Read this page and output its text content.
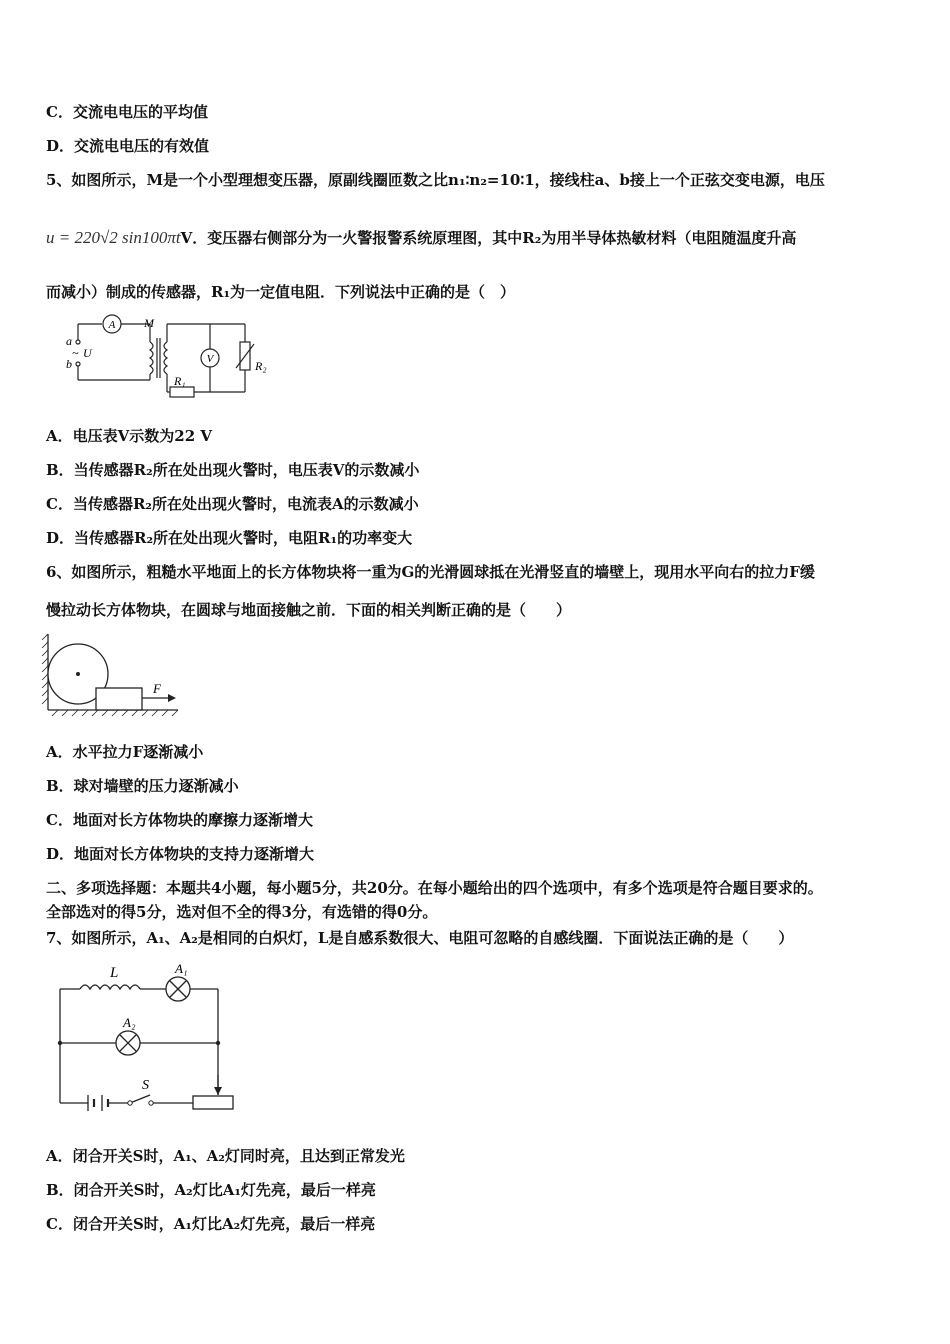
C．交流电电压的平均值
D．交流电电压的有效值
5、如图所示，M是一个小型理想变压器，原副线圈匝数之比n₁∶n₂=10∶1，接线柱a、b接上一个正弦交变电源，电压
u = 220√2 sin100πtV．变压器右侧部分为一火警报警系统原理图，其中R₂为用半导体热敏材料（电阻随温度升高
而减小）制成的传感器，R₁为一定值电阻．下列说法中正确的是（　）
A
V
M
a
b
~ U
R₁
R₂
A．电压表V示数为22 V
B．当传感器R₂所在处出现火警时，电压表V的示数减小
C．当传感器R₂所在处出现火警时，电流表A的示数减小
D．当传感器R₂所在处出现火警时，电阻R₁的功率变大
6、如图所示，粗糙水平地面上的长方体物块将一重为G的光滑圆球抵在光滑竖直的墙壁上，现用水平向右的拉力F缓
慢拉动长方体物块，在圆球与地面接触之前．下面的相关判断正确的是（　　）
F
A．水平拉力F逐渐减小
B．球对墙壁的压力逐渐减小
C．地面对长方体物块的摩擦力逐渐增大
D．地面对长方体物块的支持力逐渐增大
二、多项选择题：本题共4小题，每小题5分，共20分。在每小题给出的四个选项中，有多个选项是符合题目要求的。
全部选对的得5分，选对但不全的得3分，有选错的得0分。
7、如图所示，A₁、A₂是相同的白炽灯，L是自感系数很大、电阻可忽略的自感线圈．下面说法正确的是（　　）
L	A₁
A₂
S
A．闭合开关S时，A₁、A₂灯同时亮，且达到正常发光
B．闭合开关S时，A₂灯比A₁灯先亮，最后一样亮
C．闭合开关S时，A₁灯比A₂灯先亮，最后一样亮
